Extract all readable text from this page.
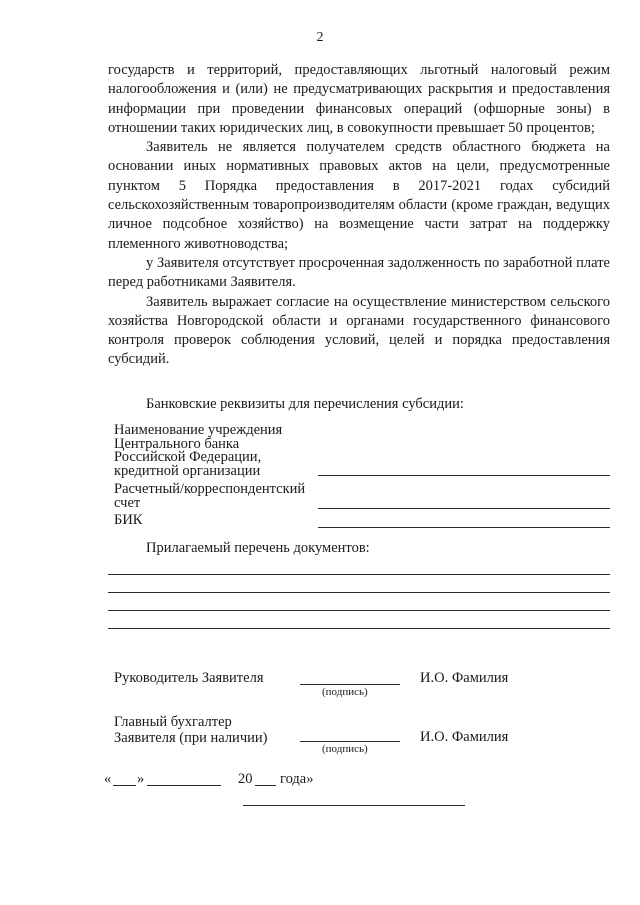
2

государств и территорий, предоставляющих льготный налоговый режим налогообложения и (или) не предусматривающих раскрытия и предоставления информации при проведении финансовых операций (офшорные зоны) в отношении таких юридических лиц, в совокупности превышает 50 процентов;

Заявитель не является получателем средств областного бюджета на основании иных нормативных правовых актов на цели, предусмотренные пунктом 5 Порядка предоставления в 2017-2021 годах субсидий сельскохозяйственным товаропроизводителям области (кроме граждан, ведущих личное подсобное хозяйство) на возмещение части затрат на поддержку племенного животноводства;

у Заявителя отсутствует просроченная задолженность по заработной плате перед работниками Заявителя.

Заявитель выражает согласие на осуществление министерством сельского хозяйства Новгородской области и органами государственного финансового контроля проверок соблюдения условий, целей и порядка предоставления субсидий.

Банковские реквизиты для перечисления субсидии:
Наименование учреждения
Центрального банка
Российской Федерации,
кредитной организации
Расчетный/корреспондентский
счет
БИК
Прилагаемый перечень документов:
Руководитель Заявителя
(подпись)
И.О. Фамилия
Главный бухгалтер
Заявителя (при наличии)
(подпись)
И.О. Фамилия
« »	20 года»
